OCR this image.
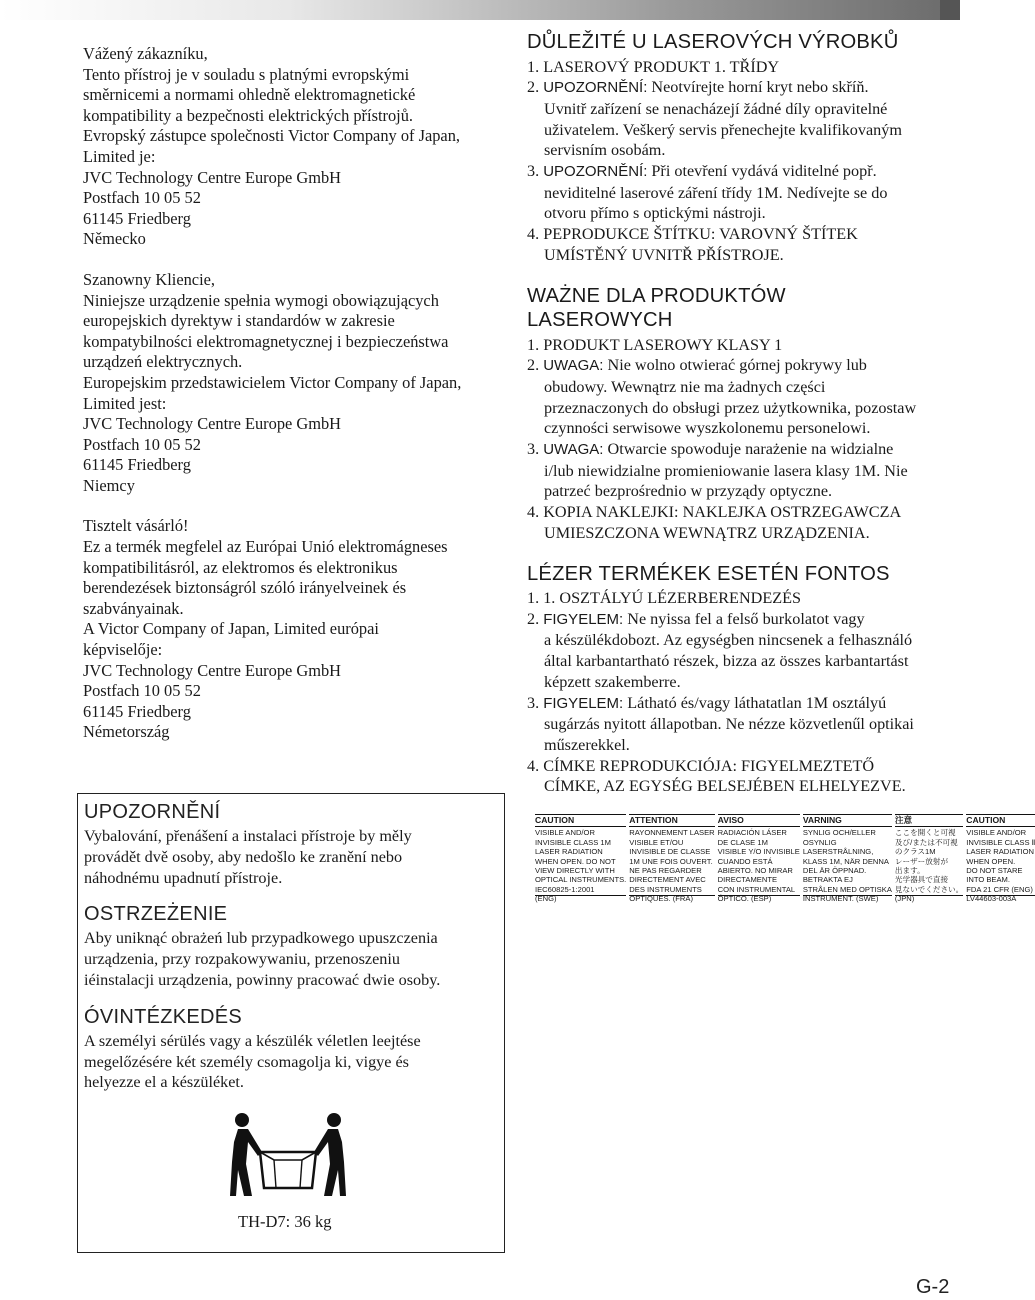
Vážený zákazníku,
Tento přístroj je v souladu s platnými evropskými
směrnicemi a normami ohledně elektromagnetické
kompatibility a bezpečnosti elektrických přístrojů.
Evropský zástupce společnosti Victor Company of Japan,
Limited je:
JVC Technology Centre Europe GmbH
Postfach 10 05 52
61145 Friedberg
Německo
Szanowny Kliencie,
Niniejsze urządzenie spełnia wymogi obowiązujących
europejskich dyrektyw i standardów w zakresie
kompatybilności elektromagnetycznej i bezpieczeństwa
urządzeń elektrycznych.
Europejskim przedstawicielem Victor Company of Japan,
Limited jest:
JVC Technology Centre Europe GmbH
Postfach 10 05 52
61145 Friedberg
Niemcy
Tisztelt vásárló!
Ez a termék megfelel az Európai Unió elektromágneses
kompatibilitásról, az elektromos és elektronikus
berendezések biztonságról szóló irányelveinek és
szabványainak.
A Victor Company of Japan, Limited európai
képviselője:
JVC Technology Centre Europe GmbH
Postfach 10 05 52
61145 Friedberg
Németország
UPOZORNĚNÍ
Vybalování, přenášení a instalaci přístroje by měly
provádět dvě osoby, aby nedošlo ke zranění nebo
náhodnému upadnutí přístroje.
OSTRZEŻENIE
Aby uniknąć obrażeń lub przypadkowego upuszczenia
urządzenia, przy rozpakowywaniu, przenoszeniu
iéinstalacji urządzenia, powinny pracować dwie osoby.
ÓVINTÉZKEDÉS
A személyi sérülés vagy a készülék véletlen leejtése
megelőzésére két személy csomagolja ki, vigye és
helyezze el a készüléket.
TH-D7: 36 kg
DŮLEŽITÉ U LASEROVÝCH VÝROBKŮ
1. LASEROVÝ PRODUKT 1. TŘÍDY
2. UPOZORNĚNÍ: Neotvírejte horní kryt nebo skříň.
Uvnitř zařízení se nenacházejí žádné díly opravitelné
uživatelem. Veškerý servis přenechejte kvalifikovaným
servisním osobám.
3. UPOZORNĚNÍ: Při otevření vydává viditelné popř.
neviditelné laserové záření třídy 1M. Nedívejte se do
otvoru přímo s optickými nástroji.
4. PEPRODUKCE ŠTÍTKU: VAROVNÝ ŠTÍTEK
UMÍSTĚNÝ UVNITŘ PŘÍSTROJE.
WAŻNE DLA PRODUKTÓW
LASEROWYCH
1. PRODUKT LASEROWY KLASY 1
2. UWAGA: Nie wolno otwierać górnej pokrywy lub
obudowy. Wewnątrz nie ma żadnych części
przeznaczonych do obsługi przez użytkownika, pozostaw
czynności serwisowe wyszkolonemu personelowi.
3. UWAGA: Otwarcie spowoduje narażenie na widzialne
i/lub niewidzialne promieniowanie lasera klasy 1M. Nie
patrzeć bezprośrednio w przyządy optyczne.
4. KOPIA NAKLEJKI: NAKLEJKA OSTRZEGAWCZA
UMIESZCZONA WEWNĄTRZ URZĄDZENIA.
LÉZER TERMÉKEK ESETÉN FONTOS
1. 1. OSZTÁLYÚ LÉZERBERENDEZÉS
2. FIGYELEM: Ne nyissa fel a felső burkolatot vagy
a készülékdobozt. Az egységben nincsenek a felhasználó
által karbantartható részek, bizza az összes karbantartást
képzett szakemberre.
3. FIGYELEM: Látható és/vagy láthatatlan 1M osztályú
sugárzás nyitott állapotban. Ne nézze közvetlenűl optikai
műszerekkel.
4. CÍMKE REPRODUKCIÓJA: FIGYELMEZTETŐ
CÍMKE, AZ EGYSÉG BELSEJÉBEN ELHELYEZVE.
CAUTION
VISIBLE AND/OR
INVISIBLE CLASS 1M
LASER RADIATION
WHEN OPEN. DO NOT
VIEW DIRECTLY WITH
OPTICAL INSTRUMENTS.
IEC60825-1:2001
(ENG)
ATTENTION
RAYONNEMENT LASER
VISIBLE ET/OU
INVISIBLE DE CLASSE
1M UNE FOIS OUVERT.
NE PAS REGARDER
DIRECTEMENT AVEC
DES INSTRUMENTS
OPTIQUES. (FRA)
AVISO
RADIACIÓN LÁSER
DE CLASE 1M
VISIBLE Y/O INVISIBLE
CUANDO ESTÁ
ABIERTO. NO MIRAR
DIRECTAMENTE
CON INSTRUMENTAL
ÓPTICO. (ESP)
VARNING
SYNLIG OCH/ELLER
OSYNLIG
LASERSTRÅLNING,
KLASS 1M, NÄR DENNA
DEL ÄR ÖPPNAD.
BETRAKTA EJ
STRÅLEN MED OPTISKA
INSTRUMENT. (SWE)
注意
ここを開くと可視
及び/または不可視
のクラス1M
レーザー放射が
出ます。
光学器具で直接
見ないでください。
(JPN)
CAUTION
VISIBLE AND/OR
INVISIBLE CLASS Ⅱ
LASER RADIATION
WHEN OPEN.
DO NOT STARE
INTO BEAM.
FDA 21 CFR (ENG)
LV44603-003A
G-2
